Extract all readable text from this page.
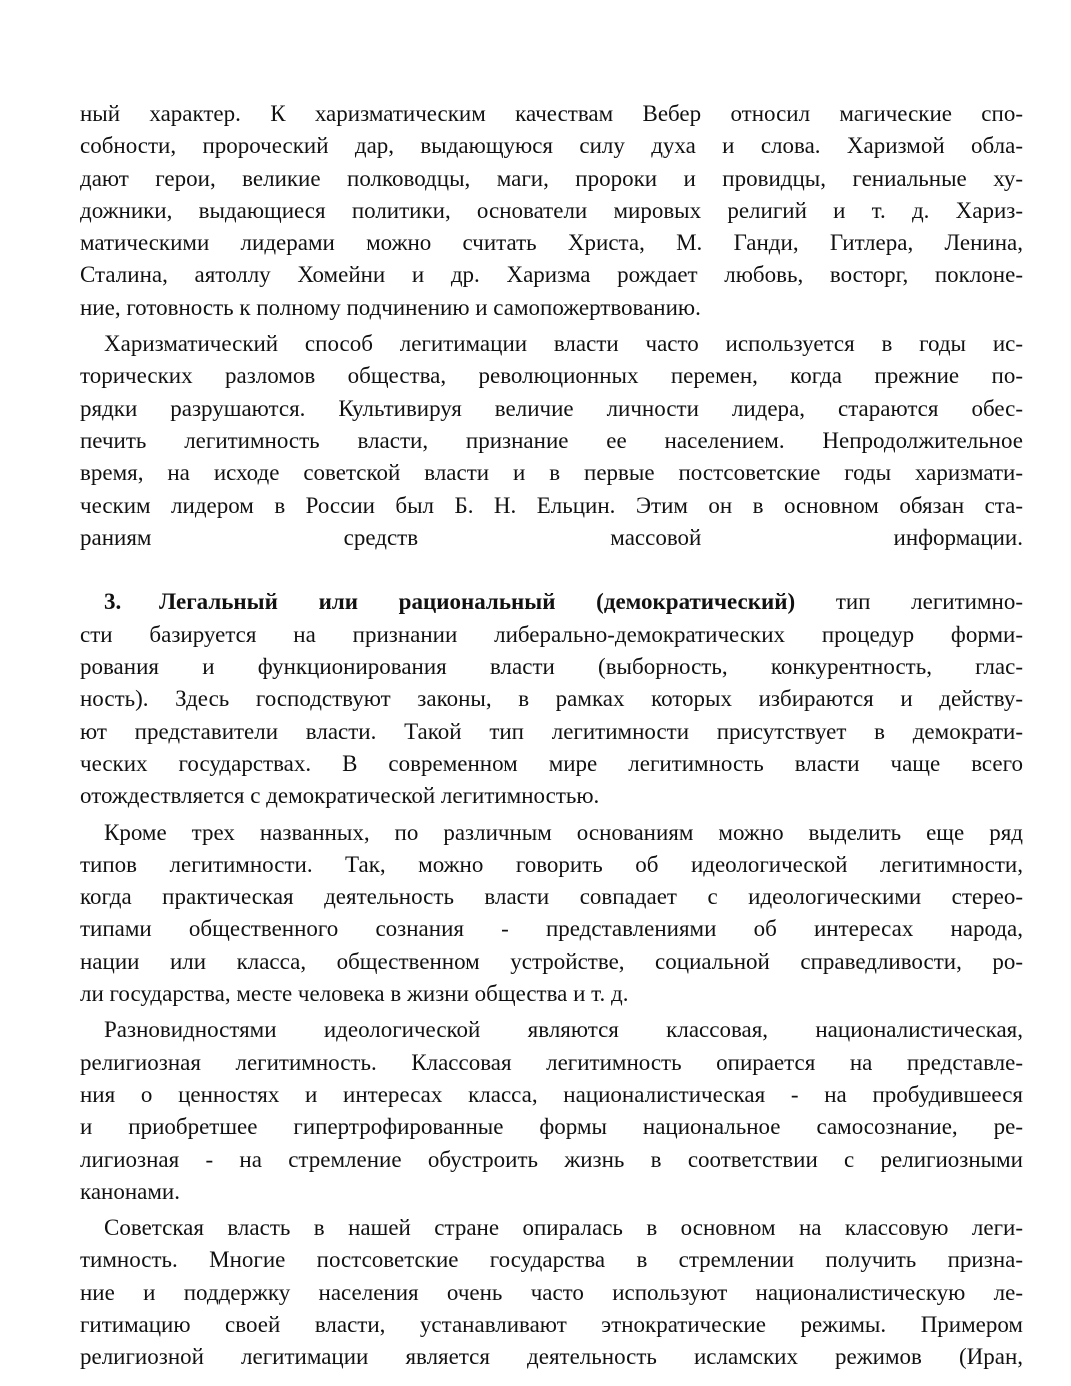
ный характер. К харизматическим качествам Вебер относил магические спо-
собности, пророческий дар, выдающуюся силу духа и слова. Харизмой обла-
дают герои, великие полководцы, маги, пророки и провидцы, гениальные ху-
дожники, выдающиеся политики, основатели мировых религий и т. д. Хариз-
матическими лидерами можно считать Христа, М. Ганди, Гитлера, Ленина,
Сталина, аятоллу Хомейни и др. Харизма рождает любовь, восторг, поклоне-
ние, готовность к полному подчинению и самопожертвованию.
Харизматический способ легитимации власти часто используется в годы ис-
торических разломов общества, революционных перемен, когда прежние по-
рядки разрушаются. Культивируя величие личности лидера, стараются обес-
печить легитимность власти, признание ее населением. Непродолжительное
время, на исходе советской власти и в первые постсоветские годы харизмати-
ческим лидером в России был Б. Н. Ельцин. Этим он в основном обязан ста-
раниям средств массовой информации.
3. Легальный или рациональный (демократический) тип легитимно-
сти базируется на признании либерально-демократических процедур форми-
рования и функционирования власти (выборность, конкурентность, глас-
ность). Здесь господствуют законы, в рамках которых избираются и действу-
ют представители власти. Такой тип легитимности присутствует в демократи-
ческих государствах. В современном мире легитимность власти чаще всего
отождествляется с демократической легитимностью.
Кроме трех названных, по различным основаниям можно выделить еще ряд
типов легитимности. Так, можно говорить об идеологической легитимности,
когда практическая деятельность власти совпадает с идеологическими стерео-
типами общественного сознания - представлениями об интересах народа,
нации или класса, общественном устройстве, социальной справедливости, ро-
ли государства, месте человека в жизни общества и т. д.
Разновидностями идеологической являются классовая, националистическая,
религиозная легитимность. Классовая легитимность опирается на представле-
ния о ценностях и интересах класса, националистическая - на пробудившееся
и приобретшее гипертрофированные формы национальное самосознание, ре-
лигиозная - на стремление обустроить жизнь в соответствии с религиозными
канонами.
Советская власть в нашей стране опиралась в основном на классовую леги-
тимность. Многие постсоветские государства в стремлении получить призна-
ние и поддержку населения очень часто используют националистическую ле-
гитимацию своей власти, устанавливают этнократические режимы. Примером
религиозной легитимации является деятельность исламских режимов (Иран,
